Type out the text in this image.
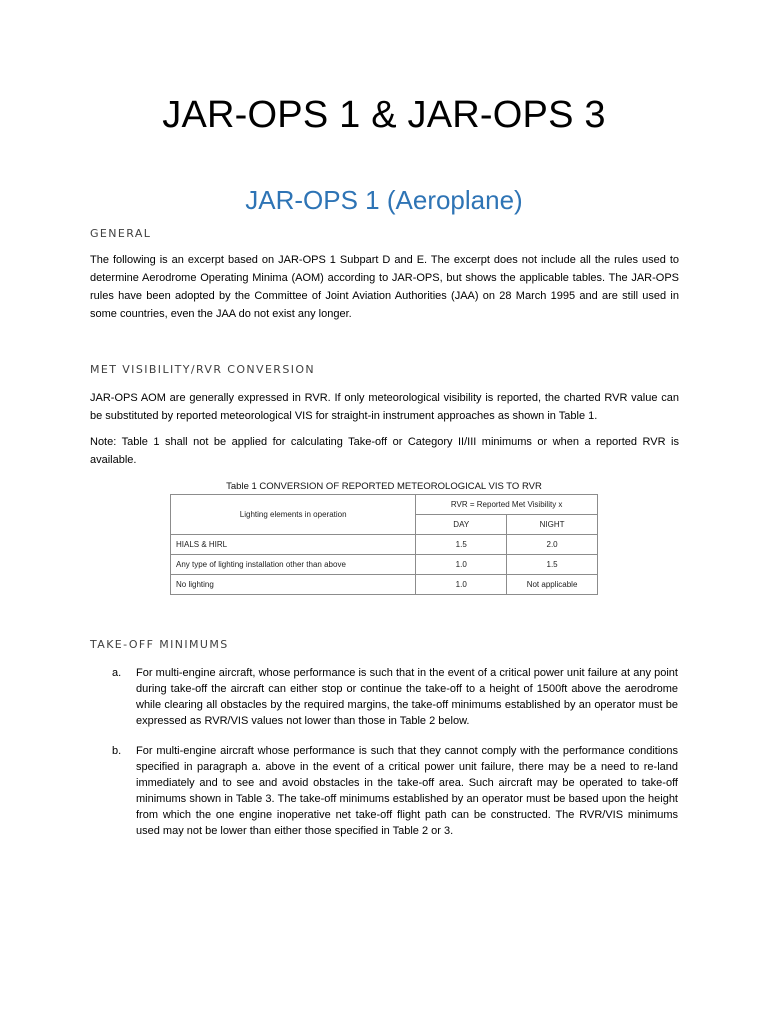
JAR-OPS 1 & JAR-OPS 3
JAR-OPS 1 (Aeroplane)
GENERAL
The following is an excerpt based on JAR-OPS 1 Subpart D and E. The excerpt does not include all the rules used to determine Aerodrome Operating Minima (AOM) according to JAR-OPS, but shows the applicable tables. The JAR-OPS rules have been adopted by the Committee of Joint Aviation Authorities (JAA) on 28 March 1995 and are still used in some countries, even the JAA do not exist any longer.
MET VISIBILITY/RVR CONVERSION
JAR-OPS AOM are generally expressed in RVR. If only meteorological visibility is reported, the charted RVR value can be substituted by reported meteorological VIS for straight-in instrument approaches as shown in Table 1.
Note: Table 1 shall not be applied for calculating Take-off or Category II/III minimums or when a reported RVR is available.
Table 1 CONVERSION OF REPORTED METEOROLOGICAL VIS TO RVR
Lighting elements in operation	RVR = Reported Met Visibility x	
	DAY	NIGHT
HIALS & HIRL	1.5	2.0
Any type of lighting installation other than above	1.0	1.5
No lighting	1.0	Not applicable
TAKE-OFF MINIMUMS
a. For multi-engine aircraft, whose performance is such that in the event of a critical power unit failure at any point during take-off the aircraft can either stop or continue the take-off to a height of 1500ft above the aerodrome while clearing all obstacles by the required margins, the take-off minimums established by an operator must be expressed as RVR/VIS values not lower than those in Table 2 below.
b. For multi-engine aircraft whose performance is such that they cannot comply with the performance conditions specified in paragraph a. above in the event of a critical power unit failure, there may be a need to re-land immediately and to see and avoid obstacles in the take-off area. Such aircraft may be operated to take-off minimums shown in Table 3. The take-off minimums established by an operator must be based upon the height from which the one engine inoperative net take-off flight path can be constructed. The RVR/VIS minimums used may not be lower than either those specified in Table 2 or 3.
